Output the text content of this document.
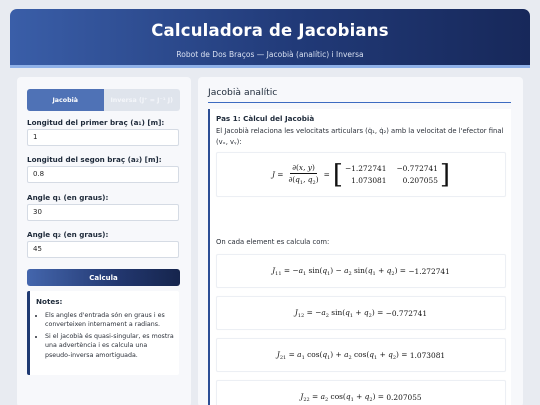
Calculadora de Jacobians
Robot de Dos Braços — Jacobià (analític) i Inversa
Jacobià	Inversa (J⁺ = J⁻¹ J)
Longitud del primer braç (a₁) [m]:
1
Longitud del segon braç (a₂) [m]:
0.8
Angle q₁ (en graus):
30
Angle q₂ (en graus):
45
Calcula
Notes:
• Els angles d'entrada són en graus i es converteixen internament a radians.
• Si el jacobià és quasi-singular, es mostra una advertència i es calcula una pseudo-inversa amortiguada.
Jacobià analític
Pas 1: Càlcul del Jacobià
El Jacobià relaciona les velocitats articulars (q̇₁, q̇₂) amb la velocitat de l'efector final (vₓ, vᵧ):
$J = \frac{\partial(x, y)}{\partial(q_1, q_2)}$ = [ −1.272741 −0.772741
1.073081	0.207055 ]
On cada element es calcula com:
$J_{11} = -a_1$ $\sin(q_1) - a_2$ $\sin(q_1 + q_2) = -1.272741$
$J_{12} = -a_2$ $\sin(q_1 + q_2) = -0.772741$
$J_{21} = a_1$ $\cos(q_1) + a_2$ $\cos(q_1 + q_2) = 1.073081$
$J_{22} = a_2$ $\cos(q_1 + q_2) = 0.207055$
